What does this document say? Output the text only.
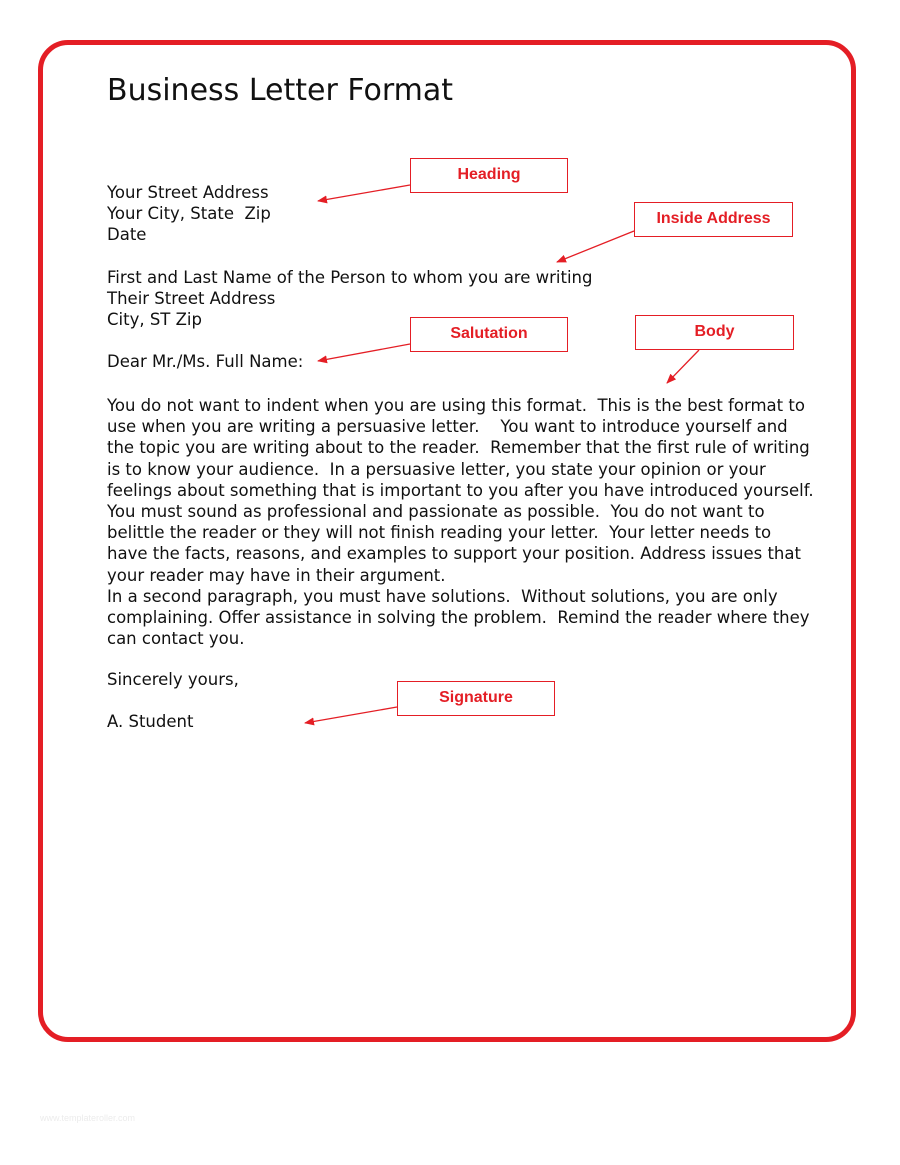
Business Letter Format
Your Street Address
Your City, State  Zip
Date
First and Last Name of the Person to whom you are writing
Their Street Address
City, ST Zip
Dear Mr./Ms. Full Name:
You do not want to indent when you are using this format.  This is the best format to
use when you are writing a persuasive letter.    You want to introduce yourself and
the topic you are writing about to the reader.  Remember that the first rule of writing
is to know your audience.  In a persuasive letter, you state your opinion or your
feelings about something that is important to you after you have introduced yourself.
You must sound as professional and passionate as possible.  You do not want to
belittle the reader or they will not finish reading your letter.  Your letter needs to
have the facts, reasons, and examples to support your position. Address issues that
your reader may have in their argument.
In a second paragraph, you must have solutions.  Without solutions, you are only
complaining. Offer assistance in solving the problem.  Remind the reader where they
can contact you.
Sincerely yours,
A. Student
Heading
Inside Address
Salutation	Body
Signature
www.templateroller.com
